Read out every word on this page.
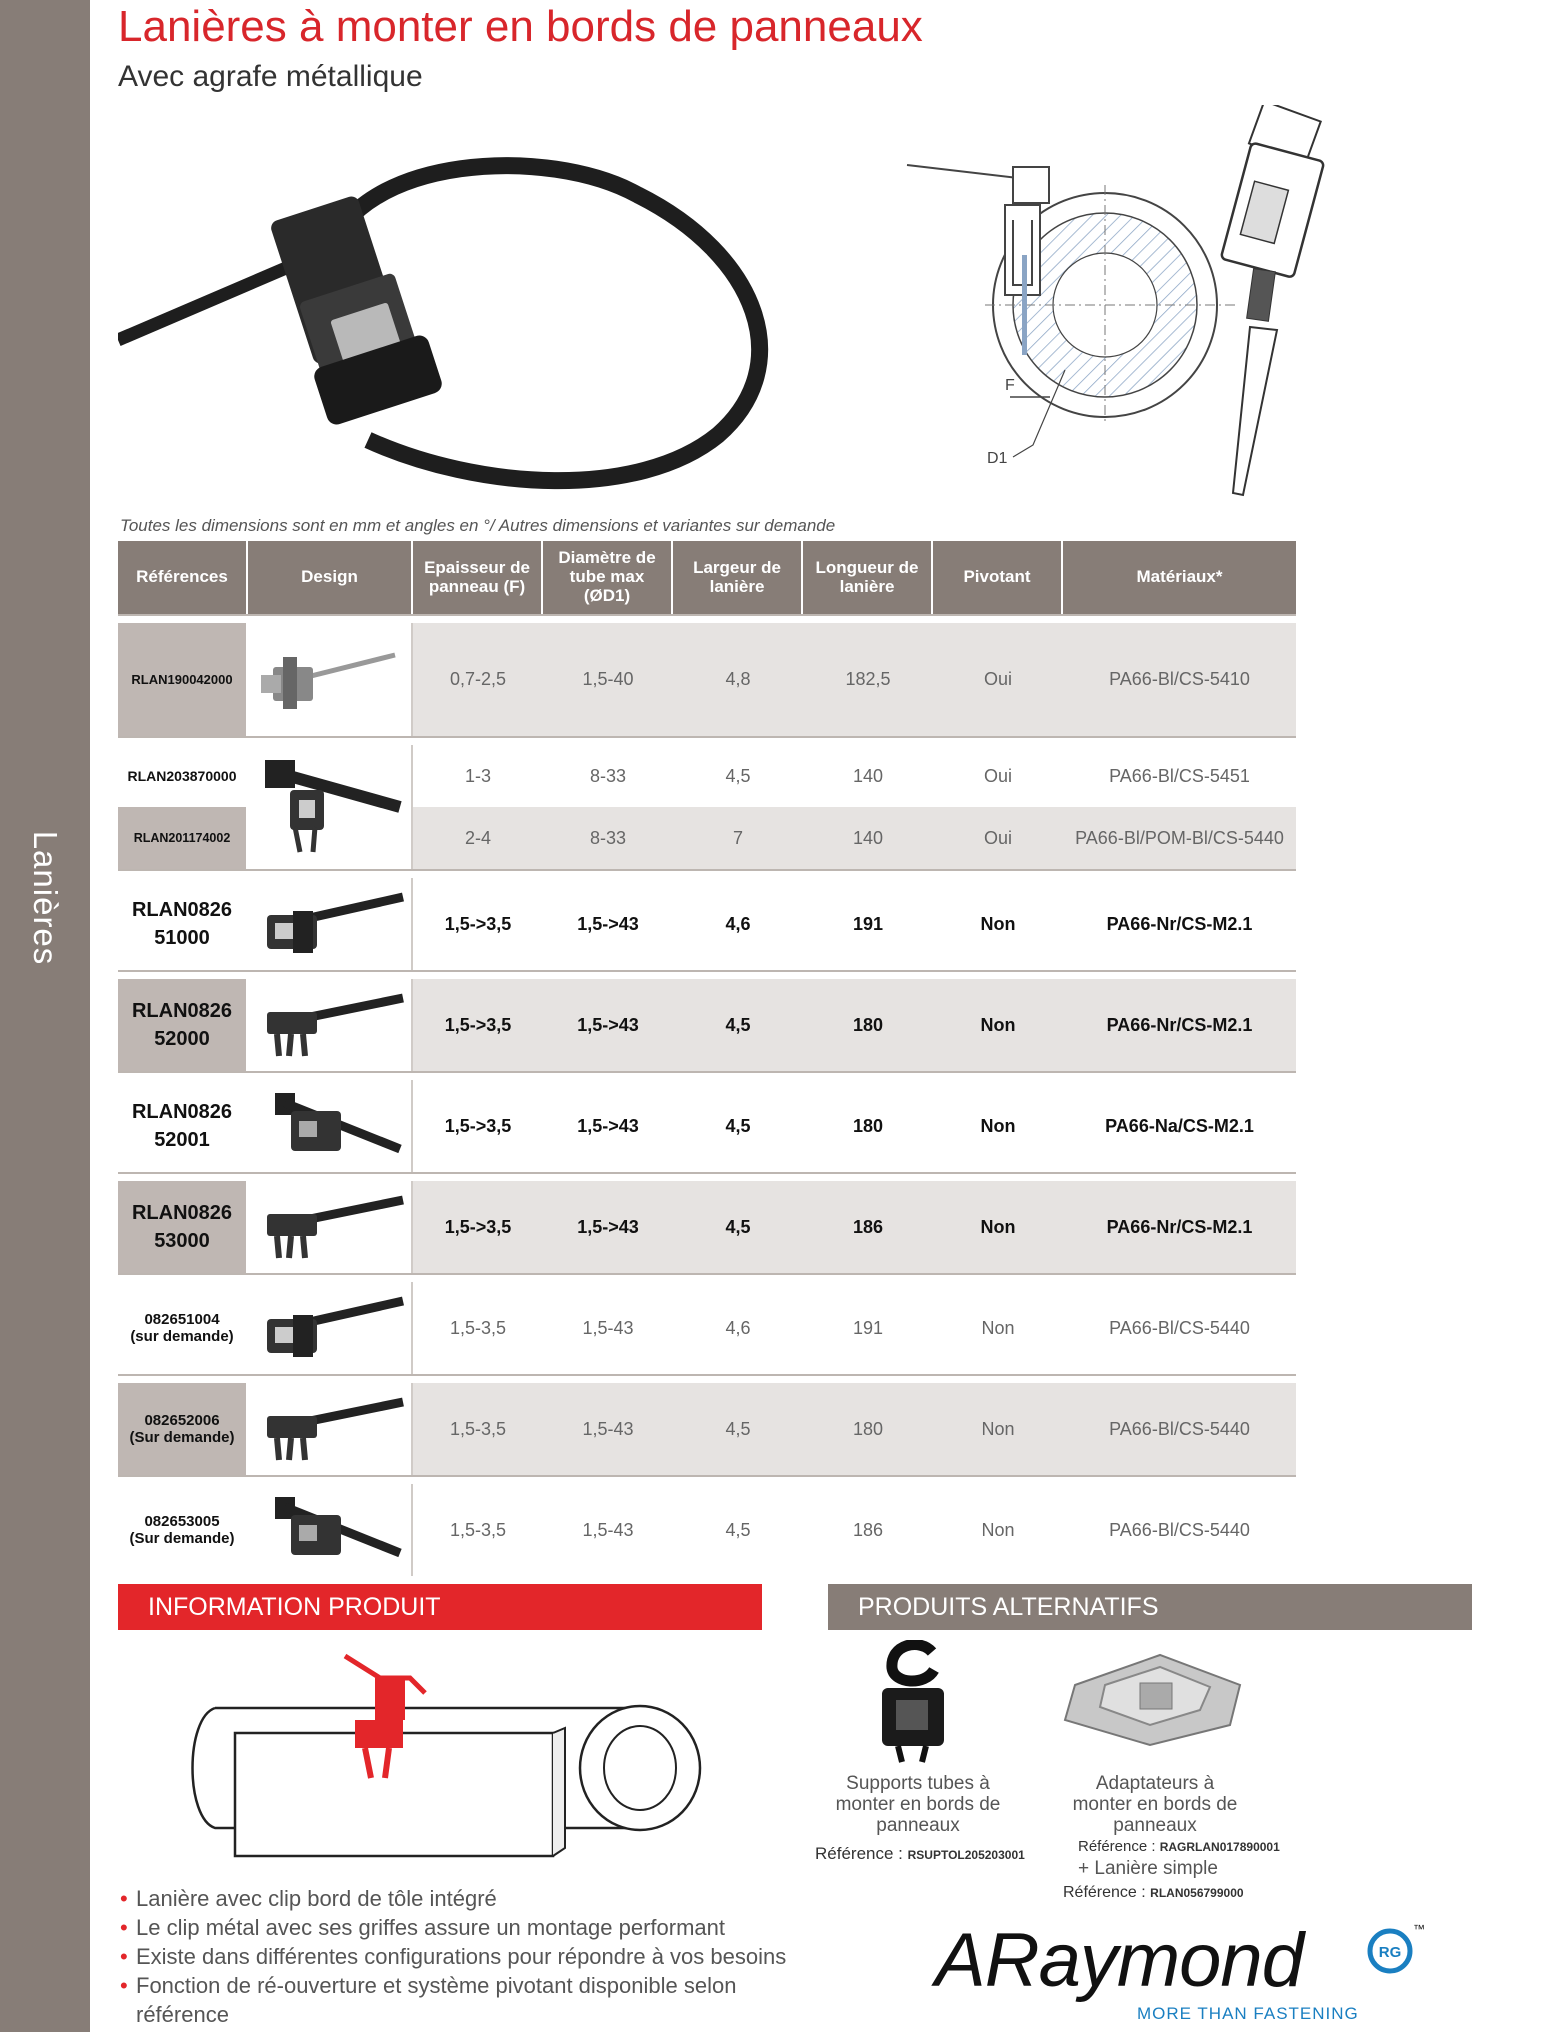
Lanières
Lanières à monter en bords de panneaux
Avec agrafe métallique
F
D1
Toutes les dimensions sont en mm et angles en °/ Autres dimensions et variantes sur demande
Références	Design	Epaisseur de panneau (F)	Diamètre de tube max (ØD1)	Largeur de lanière	Longueur de lanière	Pivotant	Matériaux*

RLAN190042000		0,7-2,5	1,5-40	4,8	182,5	Oui	PA66-Bl/CS-5410

RLAN203870000		1-3	8-33	4,5	140	Oui	PA66-Bl/CS-5451
RLAN201174002		2-4	8-33	7	140	Oui	PA66-Bl/POM-Bl/CS-5440

RLAN0826
51000		1,5->3,5	1,5->43	4,6	191	Non	PA66-Nr/CS-M2.1

RLAN0826
52000		1,5->3,5	1,5->43	4,5	180	Non	PA66-Nr/CS-M2.1

RLAN0826
52001		1,5->3,5	1,5->43	4,5	180	Non	PA66-Na/CS-M2.1

RLAN0826
53000		1,5->3,5	1,5->43	4,5	186	Non	PA66-Nr/CS-M2.1

082651004
(sur demande)		1,5-3,5	1,5-43	4,6	191	Non	PA66-Bl/CS-5440

082652006
(Sur demande)		1,5-3,5	1,5-43	4,5	180	Non	PA66-Bl/CS-5440

082653005
(Sur demande)		1,5-3,5	1,5-43	4,5	186	Non	PA66-Bl/CS-5440
INFORMATION PRODUIT
• Lanière avec clip bord de tôle intégré
• Le clip métal avec ses griffes assure un montage performant
• Existe dans différentes configurations pour répondre à vos besoins
• Fonction de ré-ouverture et système pivotant disponible selon référence
PRODUITS ALTERNATIFS
Supports tubes à
monter en bords de
panneaux
Référence : RSUPTOL205203001
Adaptateurs à
monter en bords de
panneaux
Référence : RAGRLAN017890001
+ Lanière simple
Référence : RLAN056799000
ARaymond	RG
™
MORE THAN FASTENING
